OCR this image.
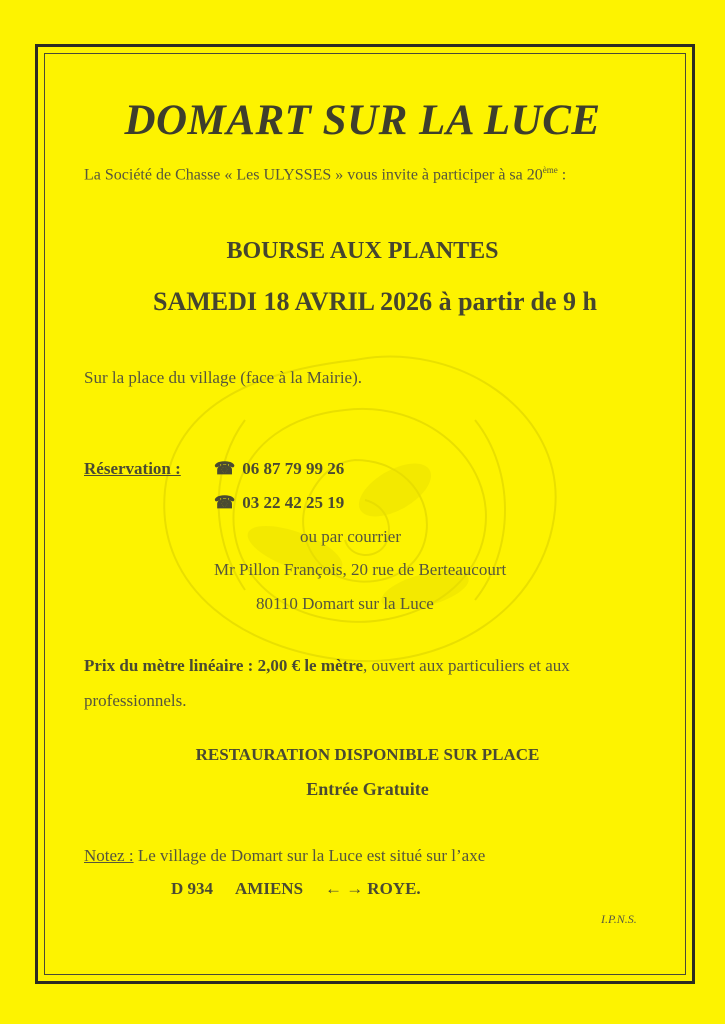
DOMART SUR LA LUCE

La Société de Chasse « Les ULYSSES » vous invite à participer à sa 20ème :

BOURSE AUX PLANTES
SAMEDI 18 AVRIL 2026 à partir de 9 h

Sur la place du village (face à la Mairie).

Réservation : ☎ 06 87 79 99 26

☎ 03 22 42 25 19

ou par courrier

Mr Pillon François, 20 rue de Berteaucourt

80110 Domart sur la Luce

Prix du mètre linéaire : 2,00 € le mètre, ouvert aux particuliers et aux

professionnels.

RESTAURATION DISPONIBLE SUR PLACE

Entrée Gratuite

Notez : Le village de Domart sur la Luce est situé sur l’axe

D 934 AMIENS ← → ROYE.

I.P.N.S.
